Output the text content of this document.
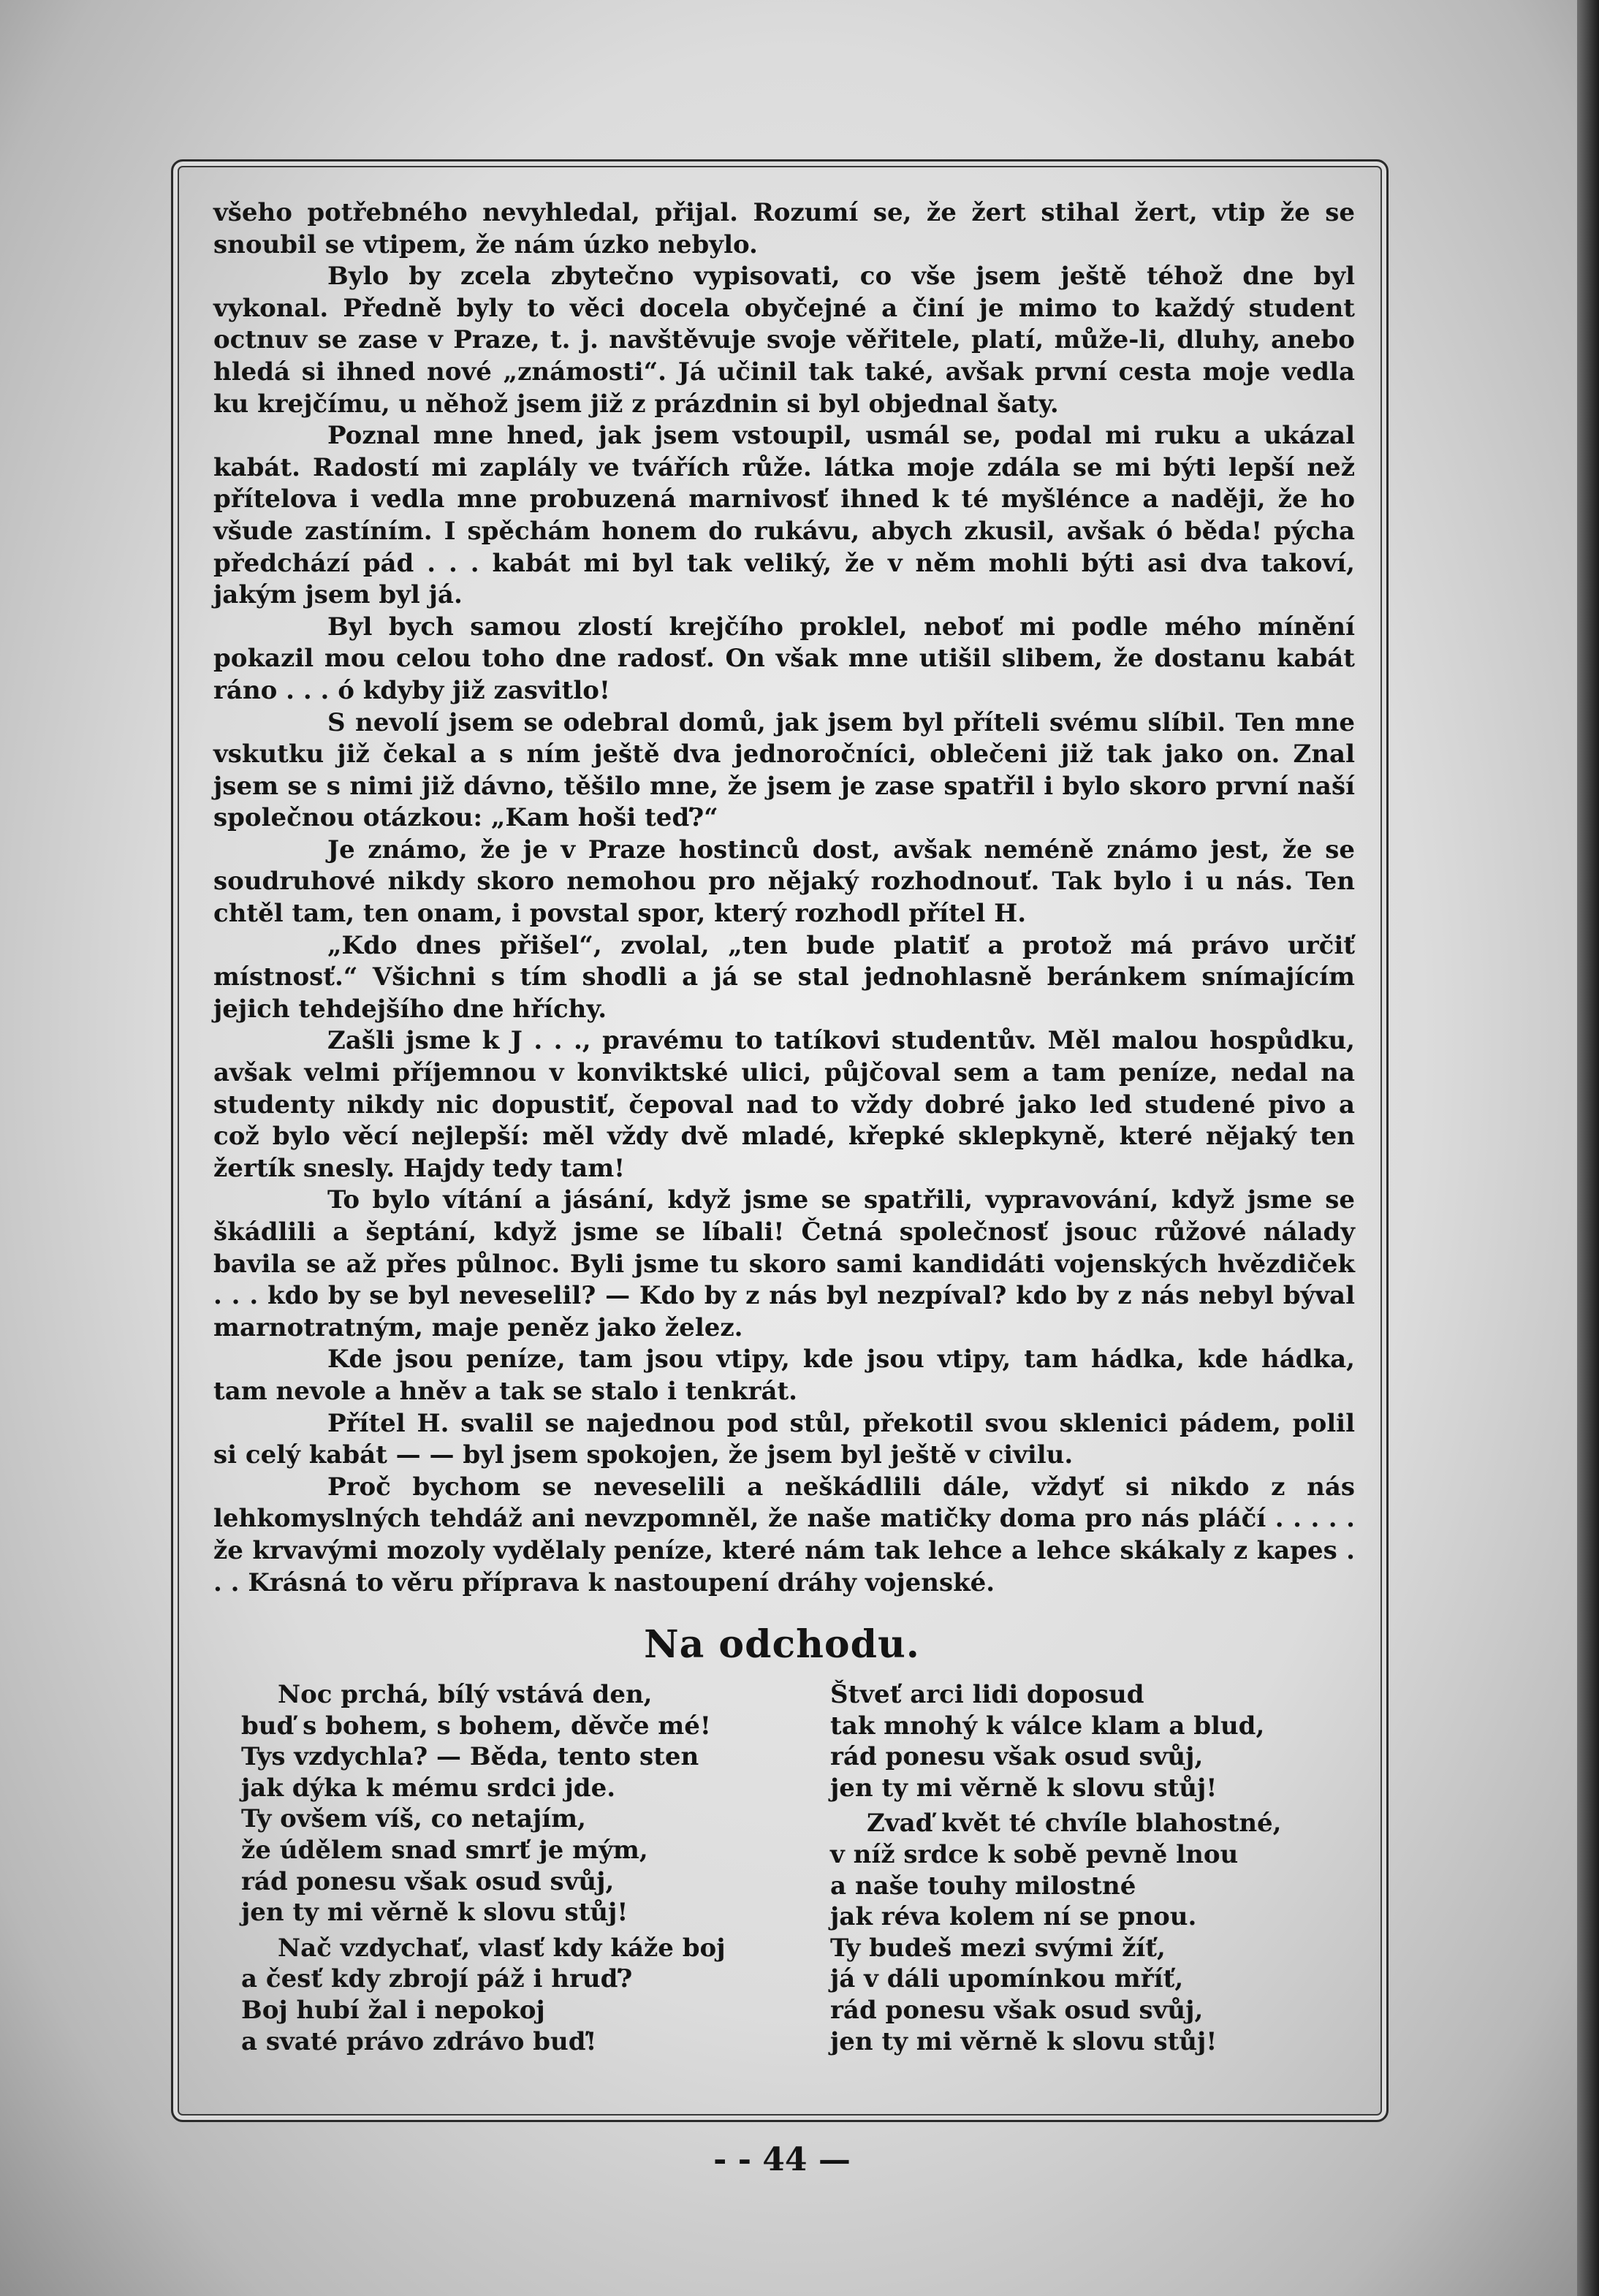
všeho potřebného nevyhledal, přijal. Rozumí se, že žert stihal žert, vtip že se snoubil se vtipem, že nám úzko nebylo.

Bylo by zcela zbytečno vypisovati, co vše jsem ještě téhož dne byl vykonal. Předně byly to věci docela obyčejné a činí je mimo to každý student octnuv se zase v Praze, t. j. navštěvuje svoje věřitele, platí, může-li, dluhy, anebo hledá si ihned nové „známosti“. Já učinil tak také, avšak první cesta moje vedla ku krejčímu, u něhož jsem již z prázdnin si byl objednal šaty.

Poznal mne hned, jak jsem vstoupil, usmál se, podal mi ruku a ukázal kabát. Radostí mi zaplály ve tvářích růže. látka moje zdála se mi býti lepší než přítelova i vedla mne probuzená marnivosť ihned k té myšlénce a naději, že ho všude zastíním. I spěchám honem do rukávu, abych zkusil, avšak ó běda! pýcha předchází pád . . . kabát mi byl tak veliký, že v něm mohli býti asi dva takoví, jakým jsem byl já.

Byl bych samou zlostí krejčího proklel, neboť mi podle mého mínění pokazil mou celou toho dne radosť. On však mne utišil slibem, že dostanu kabát ráno . . . ó kdyby již zasvitlo!

S nevolí jsem se odebral domů, jak jsem byl příteli svému slíbil. Ten mne vskutku již čekal a s ním ještě dva jednoročníci, oblečeni již tak jako on. Znal jsem se s nimi již dávno, těšilo mne, že jsem je zase spatřil i bylo skoro první naší společnou otázkou: „Kam hoši teď?“

Je známo, že je v Praze hostinců dost, avšak neméně známo jest, že se soudruhové nikdy skoro nemohou pro nějaký rozhodnouť. Tak bylo i u nás. Ten chtěl tam, ten onam, i povstal spor, který rozhodl přítel H.

„Kdo dnes přišel“, zvolal, „ten bude platiť a protož má právo určiť místnosť.“ Všichni s tím shodli a já se stal jednohlasně beránkem snímajícím jejich tehdejšího dne hříchy.

Zašli jsme k J . . ., pravému to tatíkovi studentův. Měl malou hospůdku, avšak velmi příjemnou v konviktské ulici, půjčoval sem a tam peníze, nedal na studenty nikdy nic dopustiť, čepoval nad to vždy dobré jako led studené pivo a což bylo věcí nejlepší: měl vždy dvě mladé, křepké sklepkyně, které nějaký ten žertík snesly. Hajdy tedy tam!

To bylo vítání a jásání, když jsme se spatřili, vypravování, když jsme se škádlili a šeptání, když jsme se líbali! Četná společnosť jsouc růžové nálady bavila se až přes půlnoc. Byli jsme tu skoro sami kandidáti vojenských hvězdiček . . . kdo by se byl neveselil? — Kdo by z nás byl nezpíval? kdo by z nás nebyl býval marnotratným, maje peněz jako želez.

Kde jsou peníze, tam jsou vtipy, kde jsou vtipy, tam hádka, kde hádka, tam nevole a hněv a tak se stalo i tenkrát.

Přítel H. svalil se najednou pod stůl, překotil svou sklenici pádem, polil si celý kabát — — byl jsem spokojen, že jsem byl ještě v civilu.

Proč bychom se neveselili a neškádlili dále, vždyť si nikdo z nás lehkomyslných tehdáž ani nevzpomněl, že naše matičky doma pro nás pláčí . . . . . že krvavými mozoly vydělaly peníze, které nám tak lehce a lehce skákaly z kapes . . . Krásná to věru příprava k nastoupení dráhy vojenské.

Na odchodu.
Noc prchá, bílý vstává den,
buď s bohem, s bohem, děvče mé!
Tys vzdychla? — Běda, tento sten
jak dýka k mému srdci jde.
Ty ovšem víš, co netajím,
že údělem snad smrť je mým,
rád ponesu však osud svůj,
jen ty mi věrně k slovu stůj!
Nač vzdychať, vlasť kdy káže boj
a česť kdy zbrojí páž i hruď?
Boj hubí žal i nepokoj
a svaté právo zdrávo buď!
Štveť arci lidi doposud
tak mnohý k válce klam a blud,
rád ponesu však osud svůj,
jen ty mi věrně k slovu stůj!
Zvaď květ té chvíle blahostné,
v níž srdce k sobě pevně lnou
a naše touhy milostné
jak réva kolem ní se pnou.
Ty budeš mezi svými žíť,
já v dáli upomínkou mříť,
rád ponesu však osud svůj,
jen ty mi věrně k slovu stůj!
- - 44 —
